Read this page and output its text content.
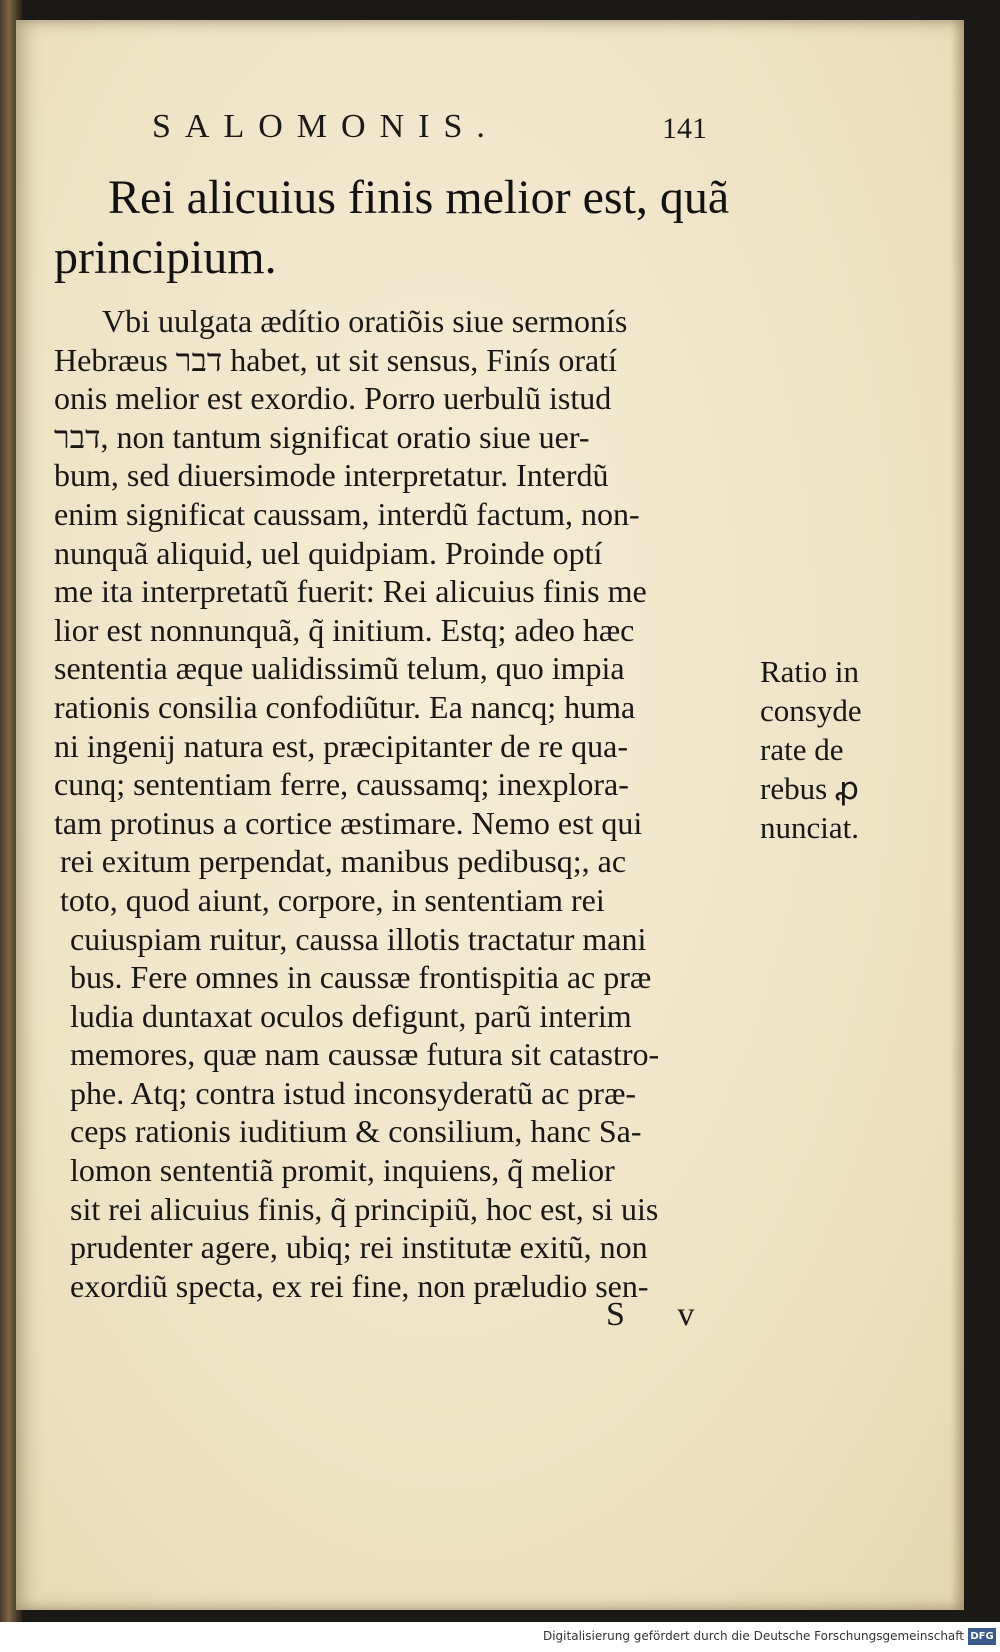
SALOMONIS.	141
Rei alicuius finis melior est, quã
principium.
Vbi uulgata ædítio oratiõis siue sermonís
Hebræus דבר habet, ut sit sensus, Finís oratí
onis melior est exordio. Porro uerbulũ istud
דבר, non tantum significat oratio siue uer-
bum, sed diuersimode interpretatur. Interdũ
enim significat caussam, interdũ factum, non-
nunquã aliquid, uel quidpiam. Proinde optí
me ita interpretatũ fuerit: Rei alicuius finis me
lior est nonnunquã, q̃ initium. Estq; adeo hæc
sententia æque ualidissimũ telum, quo impia
rationis consilia confodiũtur. Ea nancq; huma
ni ingenij natura est, præcipitanter de re qua-
cunq; sententiam ferre, caussamq; inexplora-
tam protinus a cortice æstimare. Nemo est qui
rei exitum perpendat, manibus pedibusq;, ac
toto, quod aiunt, corpore, in sententiam rei
cuiuspiam ruitur, caussa illotis tractatur mani
bus. Fere omnes in caussæ frontispitia ac præ
ludia duntaxat oculos defigunt, parũ interim
memores, quæ nam caussæ futura sit catastro-
phe. Atq; contra istud inconsyderatũ ac præ-
ceps rationis iuditium & consilium, hanc Sa-
lomon sententiã promit, inquiens, q̃ melior
sit rei alicuius finis, q̃ principiũ, hoc est, si uis
prudenter agere, ubiq; rei institutæ exitũ, non
exordiũ specta, ex rei fine, non præludio sen-
Ratio in
consyde
rate de
rebus ꝓ
nunciat.
S v
Digitalisierung gefördert durch die Deutsche Forschungsgemeinschaft DFG
